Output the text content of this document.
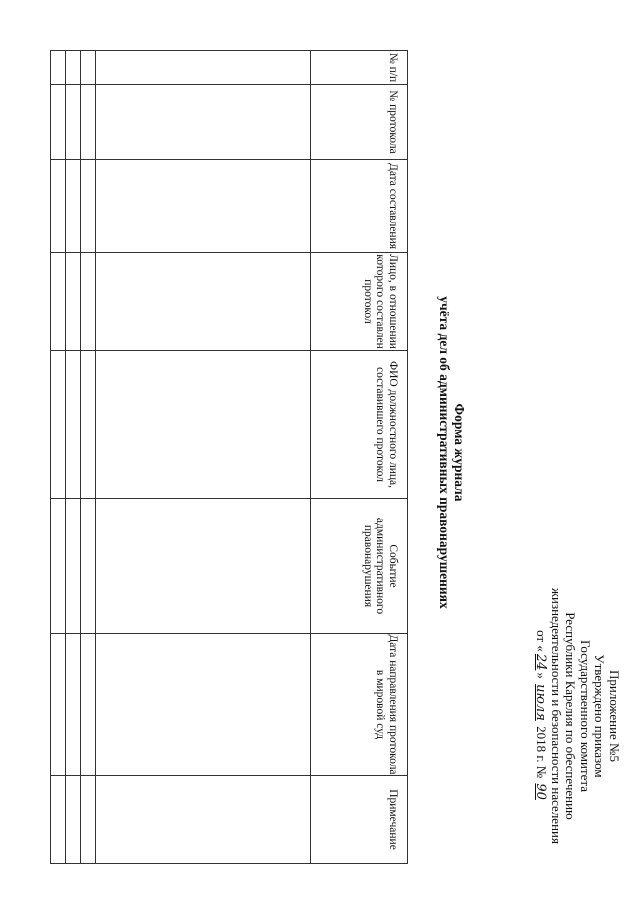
Приложение №5
Утверждено приказом
Государственного комитета
Республики Карелия по обеспечению
жизнедеятельности и безопасности населения
от «24» июля 2018 г. № 90
Форма журнала
учёта дел об административных правонарушениях
№ п/п	№ протокола	Дата составления	Лицо, в отношении которого составлен протокол	ФИО должностного лица, составившего протокол	Событие административного правонарушения	Дата направления протокола в мировой суд	Примечание
